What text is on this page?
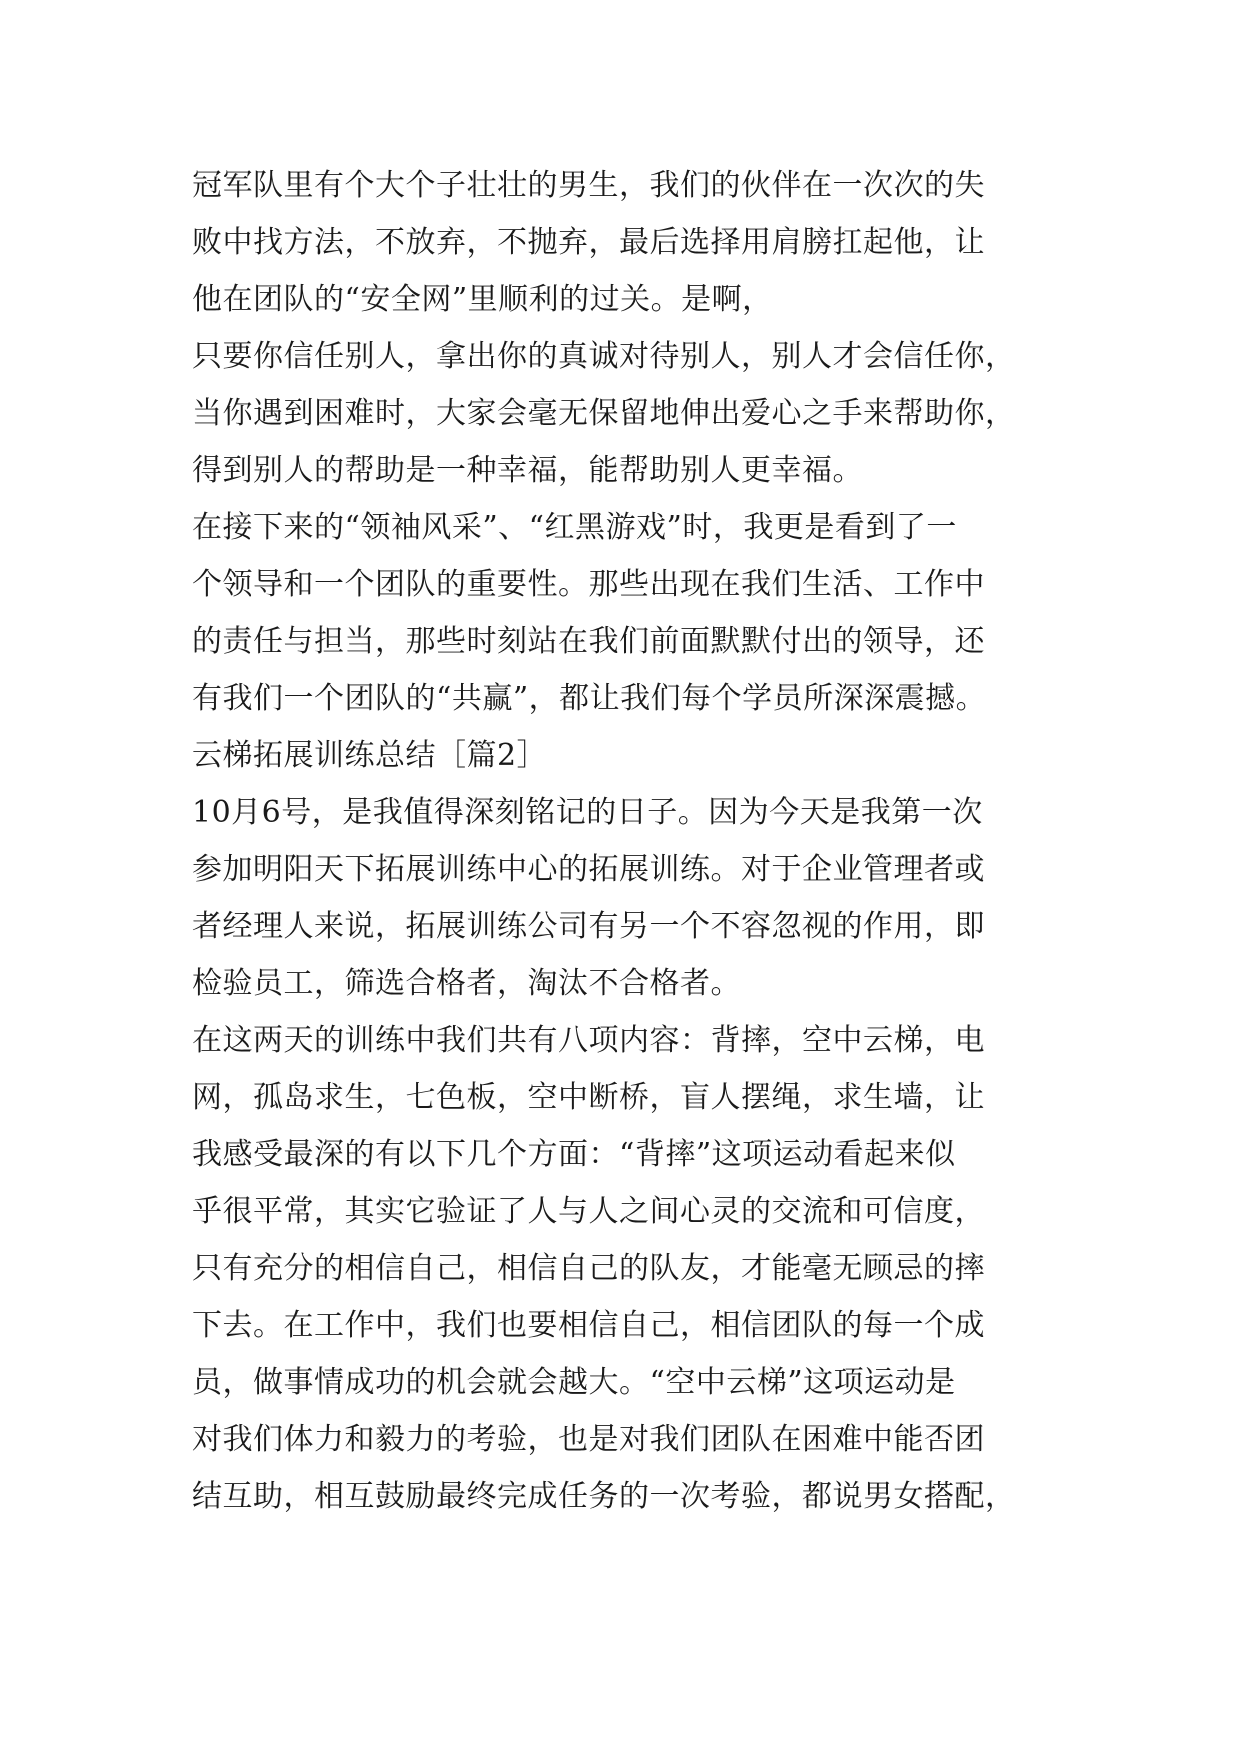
冠军队里有个大个子壮壮的男生，我们的伙伴在一次次的失
败中找方法，不放弃，不抛弃，最后选择用肩膀扛起他，让
他在团队的“安全网”里顺利的过关。是啊，
只要你信任别人，拿出你的真诚对待别人，别人才会信任你，
当你遇到困难时，大家会毫无保留地伸出爱心之手来帮助你，
得到别人的帮助是一种幸福，能帮助别人更幸福。
在接下来的“领袖风采”、“红黑游戏”时，我更是看到了一
个领导和一个团队的重要性。那些出现在我们生活、工作中
的责任与担当，那些时刻站在我们前面默默付出的领导，还
有我们一个团队的“共赢”，都让我们每个学员所深深震撼。
云梯拓展训练总结［篇2］
10月6号，是我值得深刻铭记的日子。因为今天是我第一次
参加明阳天下拓展训练中心的拓展训练。对于企业管理者或
者经理人来说，拓展训练公司有另一个不容忽视的作用，即
检验员工，筛选合格者，淘汰不合格者。
在这两天的训练中我们共有八项内容：背摔，空中云梯，电
网，孤岛求生，七色板，空中断桥，盲人摆绳，求生墙，让
我感受最深的有以下几个方面：“背摔”这项运动看起来似
乎很平常，其实它验证了人与人之间心灵的交流和可信度，
只有充分的相信自己，相信自己的队友，才能毫无顾忌的摔
下去。在工作中，我们也要相信自己，相信团队的每一个成
员，做事情成功的机会就会越大。“空中云梯”这项运动是
对我们体力和毅力的考验，也是对我们团队在困难中能否团
结互助，相互鼓励最终完成任务的一次考验，都说男女搭配，
